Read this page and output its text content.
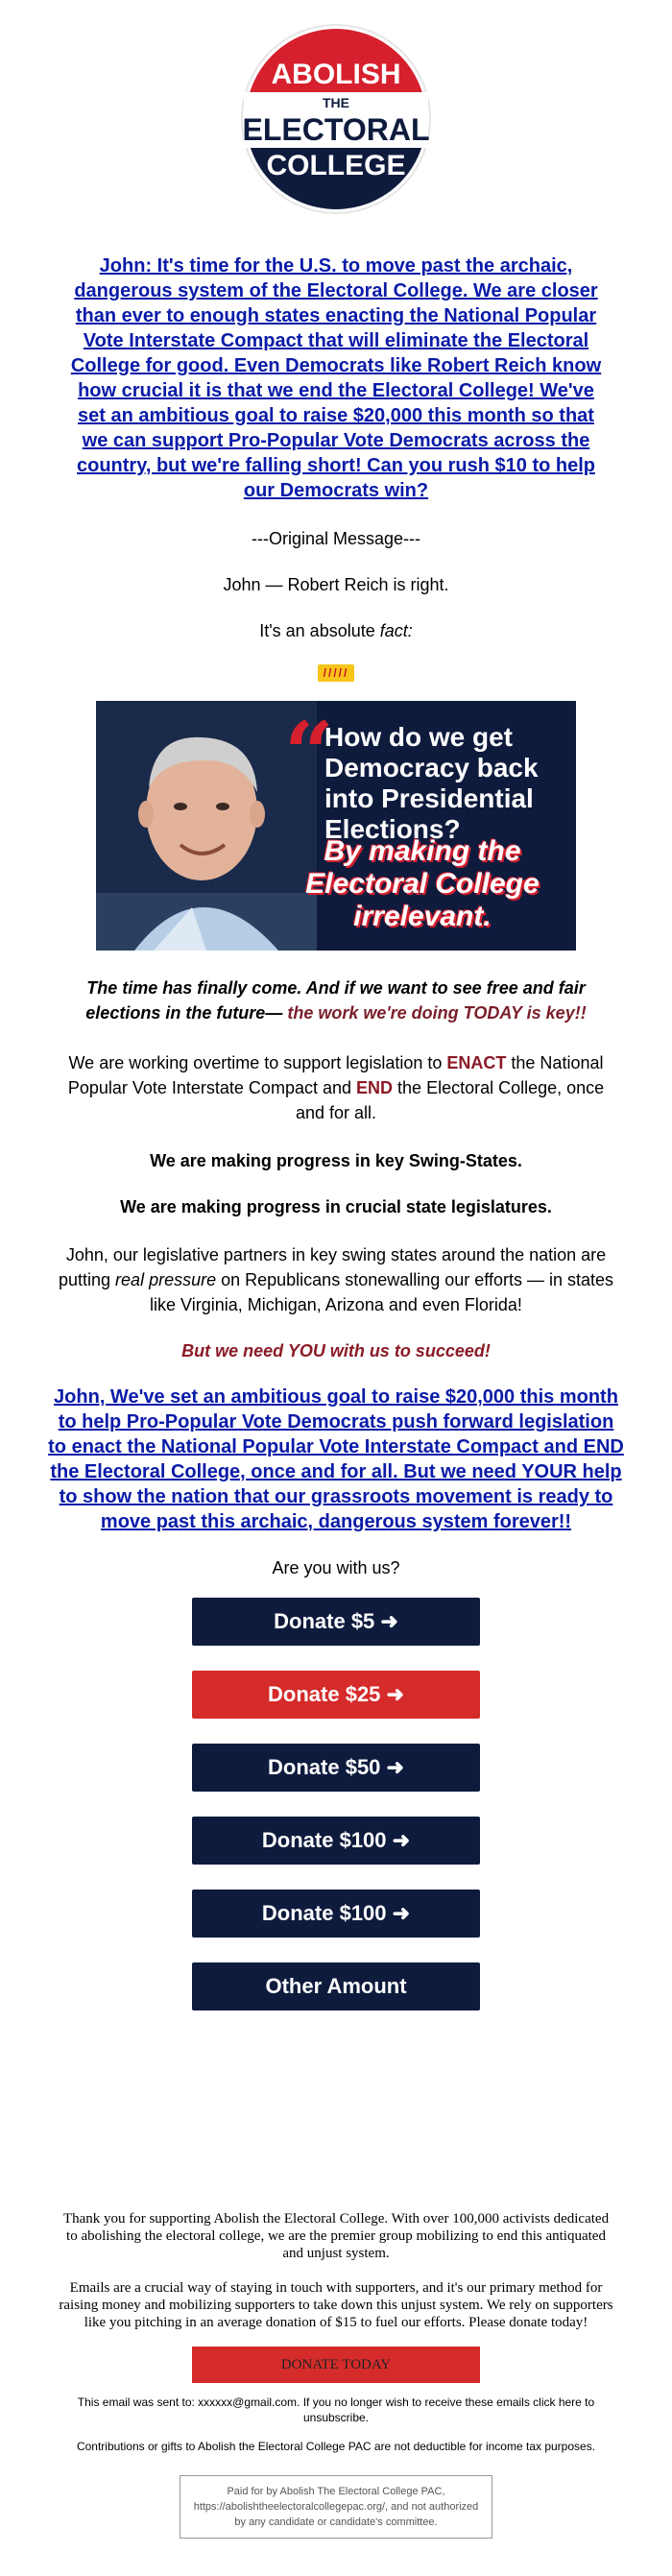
ABOLISH
THE
ELECTORAL
COLLEGE
John: It's time for the U.S. to move past the archaic, dangerous system of the Electoral College. We are closer than ever to enough states enacting the National Popular Vote Interstate Compact that will eliminate the Electoral College for good. Even Democrats like Robert Reich know how crucial it is that we end the Electoral College! We've set an ambitious goal to raise $20,000 this month so that we can support Pro-Popular Vote Democrats across the country, but we're falling short! Can you rush $10 to help our Democrats win?

---Original Message---

John — Robert Reich is right.

It's an absolute fact:

/////
“
How do we get Democracy back into Presidential Elections?
By making the Electoral College irrelevant.

The time has finally come. And if we want to see free and fair elections in the future— the work we're doing TODAY is key!!

We are working overtime to support legislation to ENACT the National Popular Vote Interstate Compact and END the Electoral College, once and for all.

We are making progress in key Swing-States.

We are making progress in crucial state legislatures.

John, our legislative partners in key swing states around the nation are putting real pressure on Republicans stonewalling our efforts — in states like Virginia, Michigan, Arizona and even Florida!

But we need YOU with us to succeed!

John, We've set an ambitious goal to raise $20,000 this month to help Pro-Popular Vote Democrats push forward legislation to enact the National Popular Vote Interstate Compact and END the Electoral College, once and for all. But we need YOUR help to show the nation that our grassroots movement is ready to move past this archaic, dangerous system forever!!

Are you with us?

Donate $5 ➜
Donate $25 ➜
Donate $50 ➜
Donate $100 ➜
Donate $100 ➜
Other Amount

Thank you for supporting Abolish the Electoral College. With over 100,000 activists dedicated to abolishing the electoral college, we are the premier group mobilizing to end this antiquated and unjust system.

Emails are a crucial way of staying in touch with supporters, and it's our primary method for raising money and mobilizing supporters to take down this unjust system. We rely on supporters like you pitching in an average donation of $15 to fuel our efforts. Please donate today!

DONATE TODAY

This email was sent to: xxxxxx@gmail.com. If you no longer wish to receive these emails click here to unsubscribe.

Contributions or gifts to Abolish the Electoral College PAC are not deductible for income tax purposes.

Paid for by Abolish The Electoral College PAC, https://abolishtheelectoralcollegepac.org/, and not authorized by any candidate or candidate's committee.
